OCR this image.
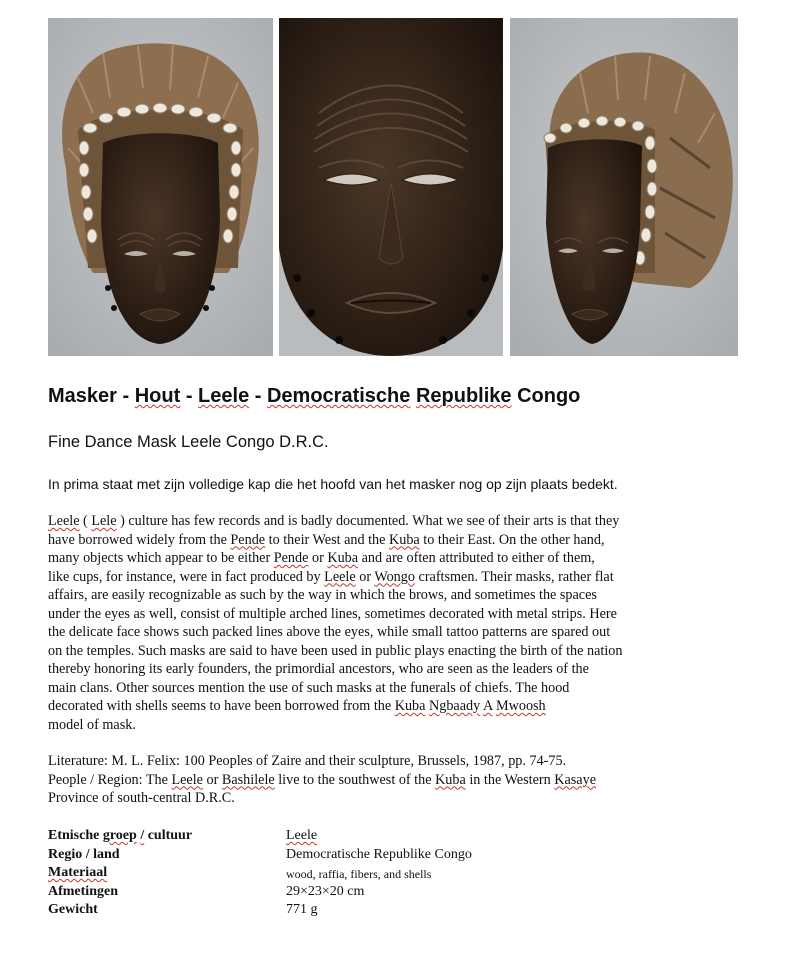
Masker - Hout - Leele - Democratische Republike Congo

Fine Dance Mask Leele Congo D.R.C.

In prima staat met zijn volledige kap die het hoofd van het masker nog op zijn plaats bedekt.

Leele ( Lele ) culture has few records and is badly documented. What we see of their arts is that they
have borrowed widely from the Pende to their West and the Kuba to their East. On the other hand,
many objects which appear to be either Pende or Kuba and are often attributed to either of them,
like cups, for instance, were in fact produced by Leele or Wongo craftsmen. Their masks, rather flat
affairs, are easily recognizable as such by the way in which the brows, and sometimes the spaces
under the eyes as well, consist of multiple arched lines, sometimes decorated with metal strips. Here
the delicate face shows such packed lines above the eyes, while small tattoo patterns are spared out
on the temples. Such masks are said to have been used in public plays enacting the birth of the nation
thereby honoring its early founders, the primordial ancestors, who are seen as the leaders of the
main clans. Other sources mention the use of such masks at the funerals of chiefs. The hood
decorated with shells seems to have been borrowed from the Kuba Ngbaady A Mwoosh
model of mask.
Literature: M. L. Felix: 100 Peoples of Zaire and their sculpture, Brussels, 1987, pp. 74-75.
People / Region: The Leele or Bashilele live to the southwest of the Kuba in the Western Kasaye
Province of south-central D.R.C.
Etnische groep / cultuur	Leele
Regio / land	Democratische Republike Congo
Materiaal	wood, raffia, fibers, and shells
Afmetingen	29×23×20 cm
Gewicht	771 g
